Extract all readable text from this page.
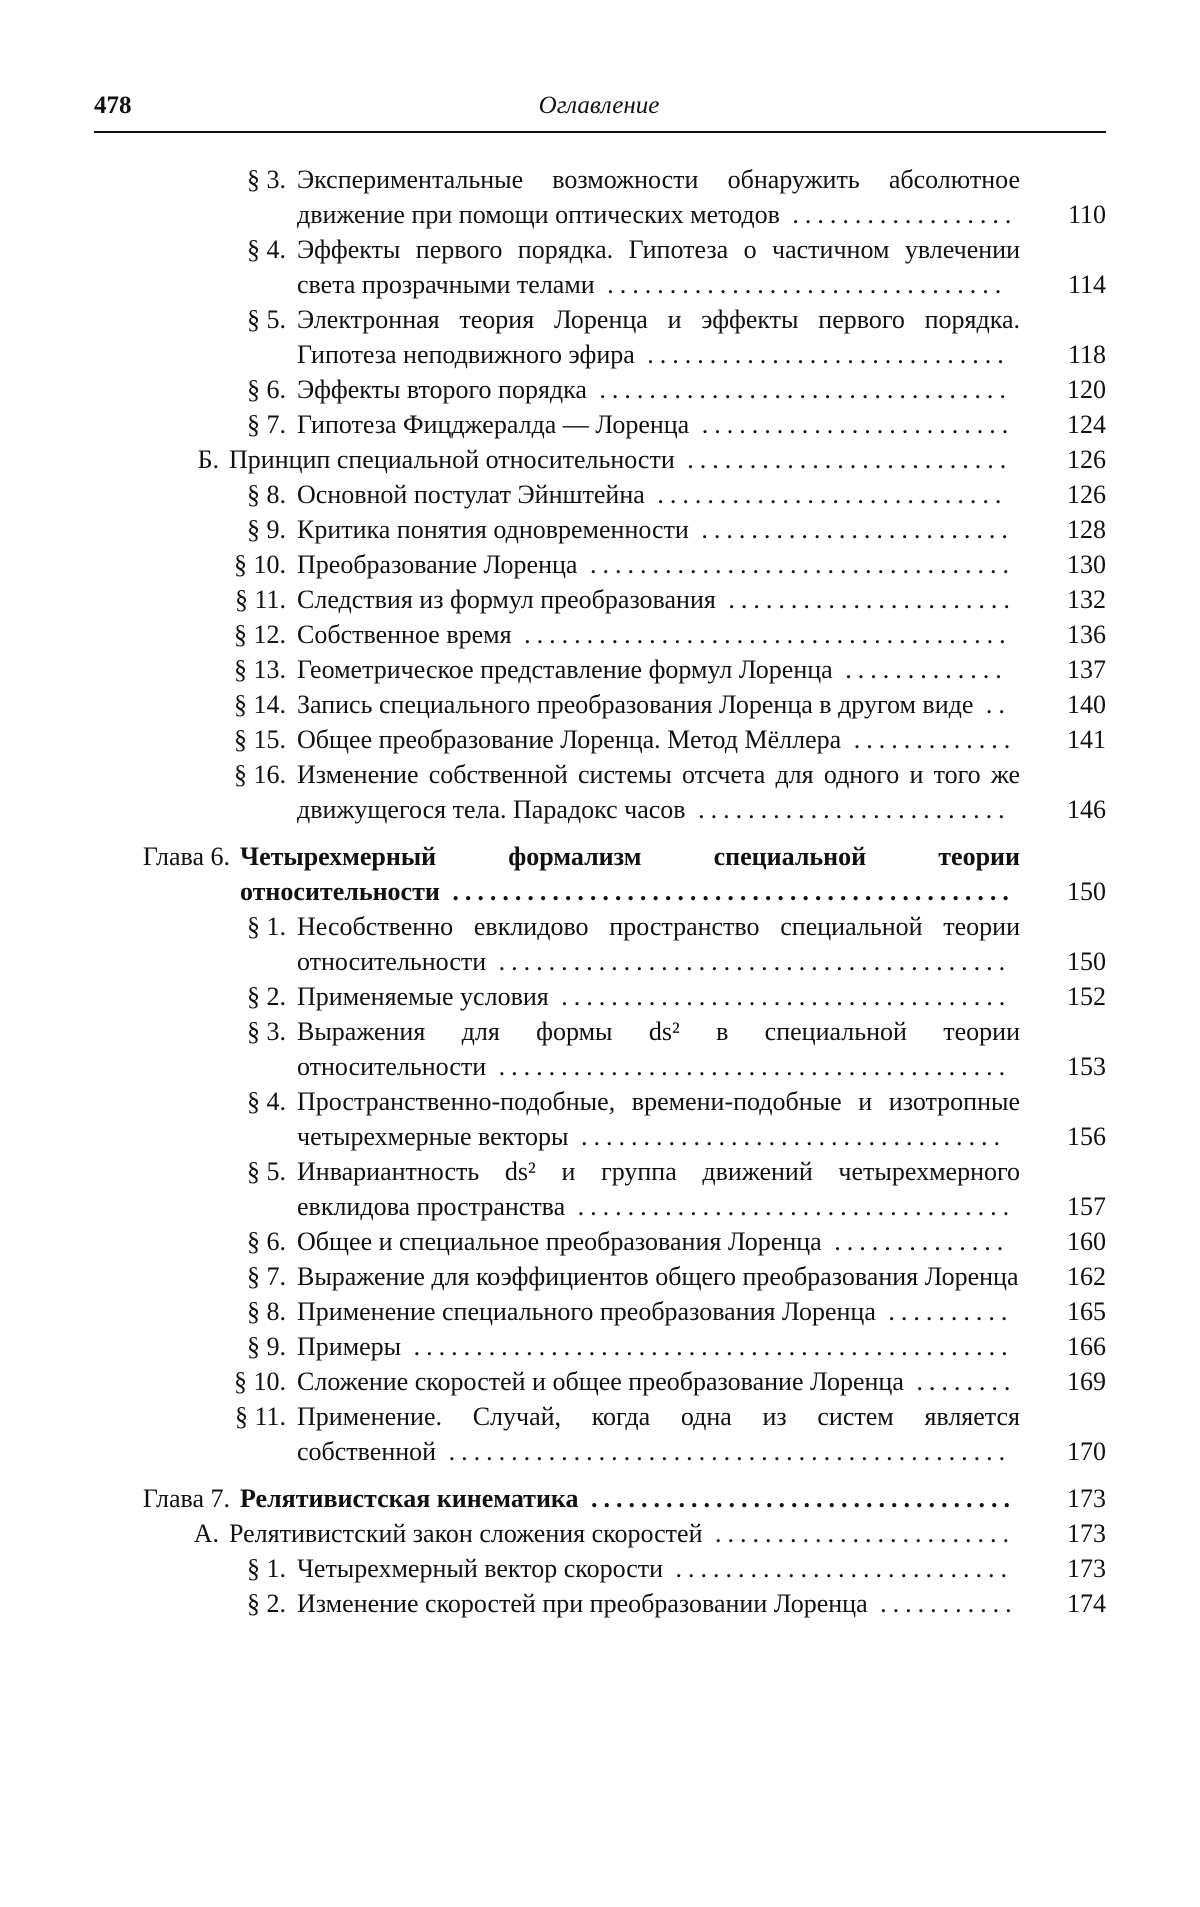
478	Оглавление
§ 3. Экспериментальные возможности обнаружить абсолютное движение при помощи оптических методов ..................	110
§ 4. Эффекты первого порядка. Гипотеза о частичном увлечении света прозрачными телами ................................	114
§ 5. Электронная теория Лоренца и эффекты первого порядка. Гипотеза неподвижного эфира .............................	118
§ 6. Эффекты второго порядка .................................	120
§ 7. Гипотеза Фицджералда — Лоренца .........................	124
Б. Принцип специальной относительности ..........................	126
§ 8. Основной постулат Эйнштейна ............................	126
§ 9. Критика понятия одновременности .........................	128
§ 10. Преобразование Лоренца ..................................	130
§ 11. Следствия из формул преобразования .......................	132
§ 12. Собственное время .......................................	136
§ 13. Геометрическое представление формул Лоренца .............	137
§ 14. Запись специального преобразования Лоренца в другом виде ..	140
§ 15. Общее преобразование Лоренца. Метод Мёллера .............	141
§ 16. Изменение собственной системы отсчета для одного и того же движущегося тела. Парадокс часов .........................	146
Глава 6. Четырехмерный формализм специальной теории относительности .............................................	150
§ 1. Несобственно евклидово пространство специальной теории относительности .........................................	150
§ 2. Применяемые условия ....................................	152
§ 3. Выражения для формы ds² в специальной теории относительности .........................................	153
§ 4. Пространственно-подобные, времени-подобные и изотропные четырехмерные векторы ..................................	156
§ 5. Инвариантность ds² и группа движений четырехмерного евклидова пространства ...................................	157
§ 6. Общее и специальное преобразования Лоренца ..............	160
§ 7. Выражение для коэффициентов общего преобразования Лоренца	162
§ 8. Применение специального преобразования Лоренца ..........	165
§ 9. Примеры ................................................	166
§ 10. Сложение скоростей и общее преобразование Лоренца ........	169
§ 11. Применение. Случай, когда одна из систем является собственной .............................................	170
Глава 7. Релятивистская кинематика ..................................	173
А. Релятивистский закон сложения скоростей ........................	173
§ 1. Четырехмерный вектор скорости ...........................	173
§ 2. Изменение скоростей при преобразовании Лоренца ...........	174
